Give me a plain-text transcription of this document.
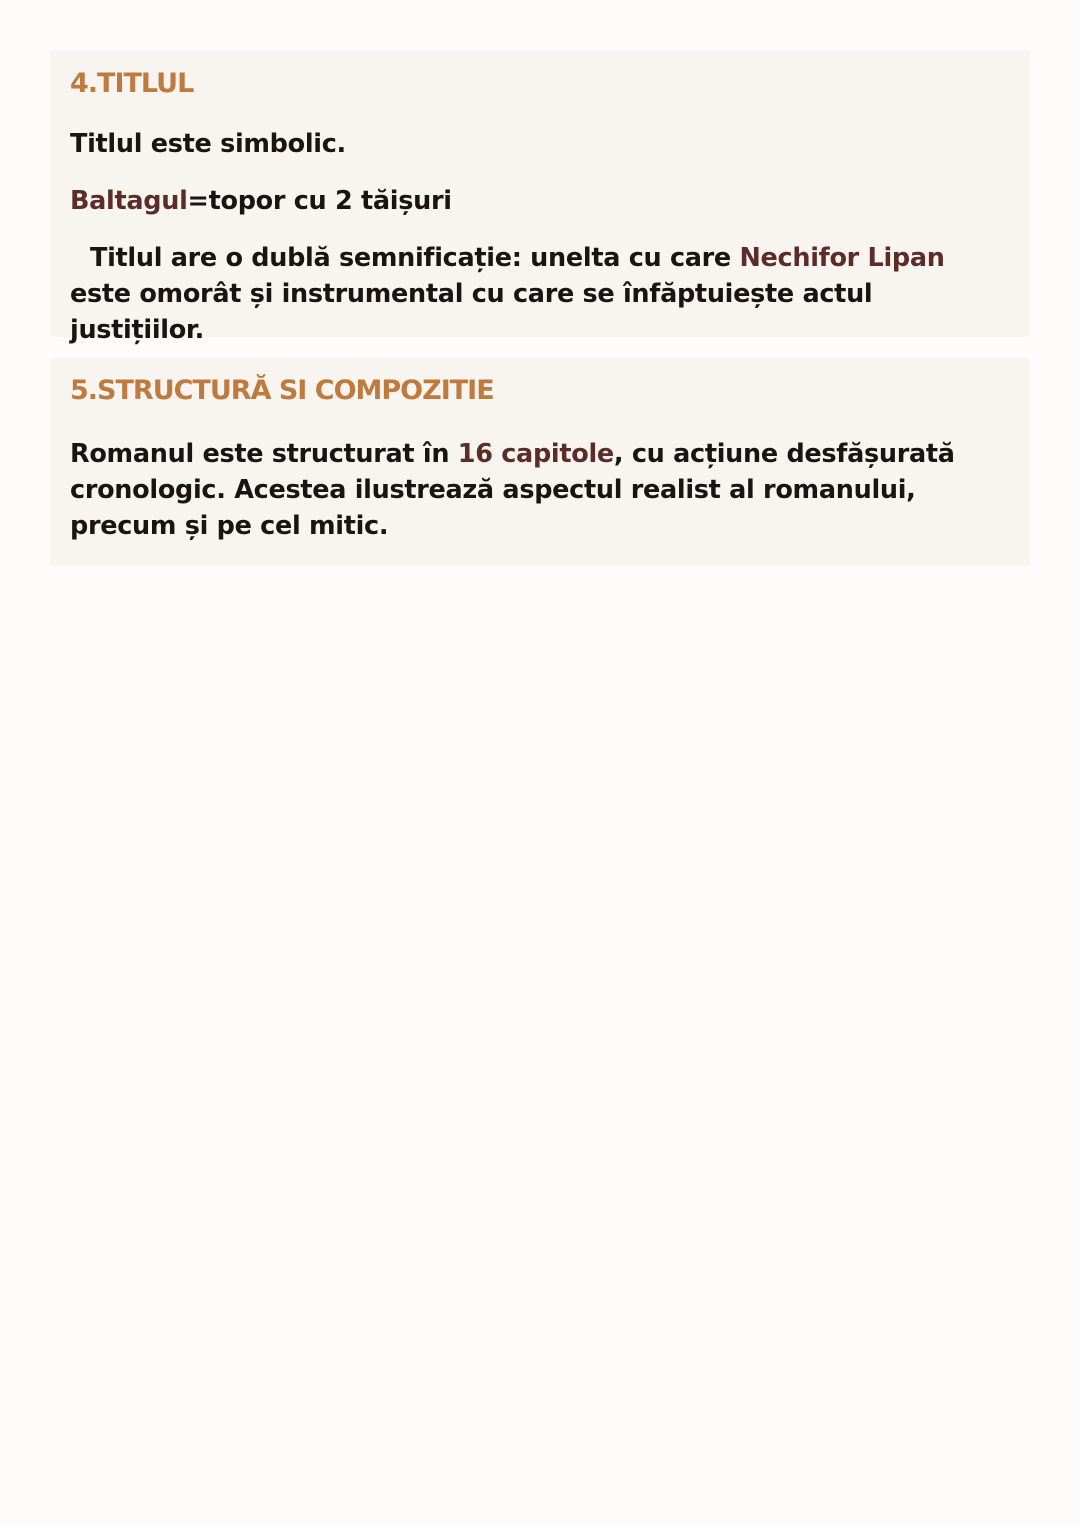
4.TITLUL

Titlul este simbolic.

Baltagul=topor cu 2 tăișuri

Titlul are o dublă semnificație: unelta cu care Nechifor Lipan este omorât și instrumental cu care se înfăptuiește actul justițiilor.

5.STRUCTURĂ SI COMPOZITIE

Romanul este structurat în 16 capitole, cu acțiune desfășurată cronologic. Acestea ilustrează aspectul realist al romanului, precum și pe cel mitic.
